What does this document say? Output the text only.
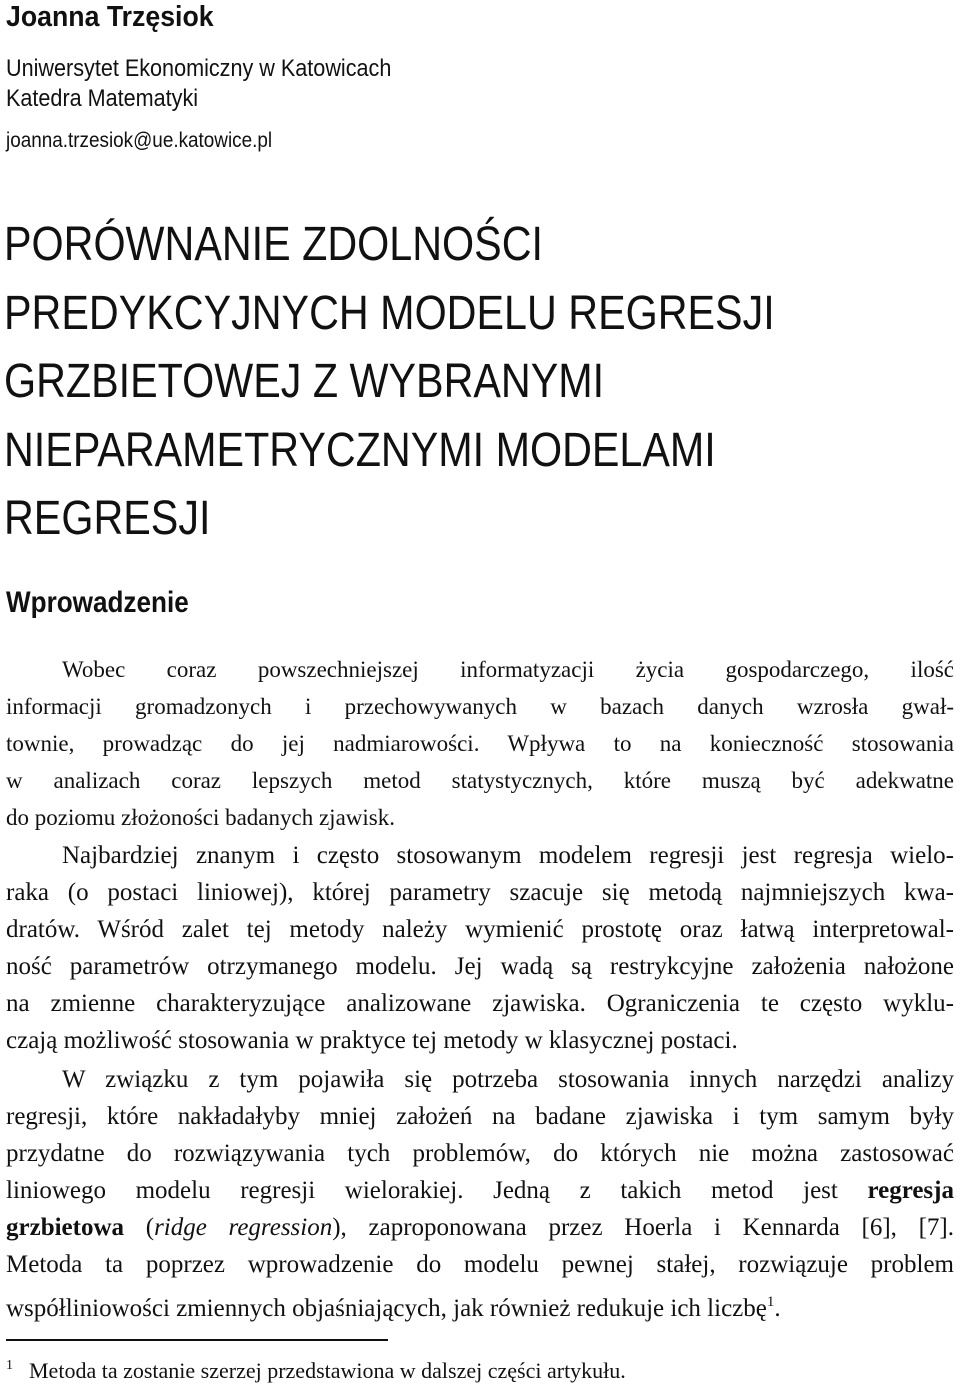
Joanna Trzęsiok
Uniwersytet Ekonomiczny w Katowicach
Katedra Matematyki
joanna.trzesiok@ue.katowice.pl
PORÓWNANIE ZDOLNOŚCI
PREDYKCYJNYCH MODELU REGRESJI
GRZBIETOWEJ Z WYBRANYMI
NIEPARAMETRYCZNYMI MODELAMI
REGRESJI
Wprowadzenie
Wobec coraz powszechniejszej informatyzacji życia gospodarczego, ilość
informacji gromadzonych i przechowywanych w bazach danych wzrosła gwał-
townie, prowadząc do jej nadmiarowości. Wpływa to na konieczność stosowania
w analizach coraz lepszych metod statystycznych, które muszą być adekwatne
do poziomu złożoności badanych zjawisk.
Najbardziej znanym i często stosowanym modelem regresji jest regresja wielo-
raka (o postaci liniowej), której parametry szacuje się metodą najmniejszych kwa-
dratów. Wśród zalet tej metody należy wymienić prostotę oraz łatwą interpretowal-
ność parametrów otrzymanego modelu. Jej wadą są restrykcyjne założenia nałożone
na zmienne charakteryzujące analizowane zjawiska. Ograniczenia te często wyklu-
czają możliwość stosowania w praktyce tej metody w klasycznej postaci.
W związku z tym pojawiła się potrzeba stosowania innych narzędzi analizy
regresji, które nakładałyby mniej założeń na badane zjawiska i tym samym były
przydatne do rozwiązywania tych problemów, do których nie można zastosować
liniowego modelu regresji wielorakiej. Jedną z takich metod jest regresja
grzbietowa (ridge regression), zaproponowana przez Hoerla i Kennarda [6], [7].
Metoda ta poprzez wprowadzenie do modelu pewnej stałej, rozwiązuje problem
współliniowości zmiennych objaśniających, jak również redukuje ich liczbę$^1$.
$^1$ Metoda ta zostanie szerzej przedstawiona w dalszej części artykułu.
